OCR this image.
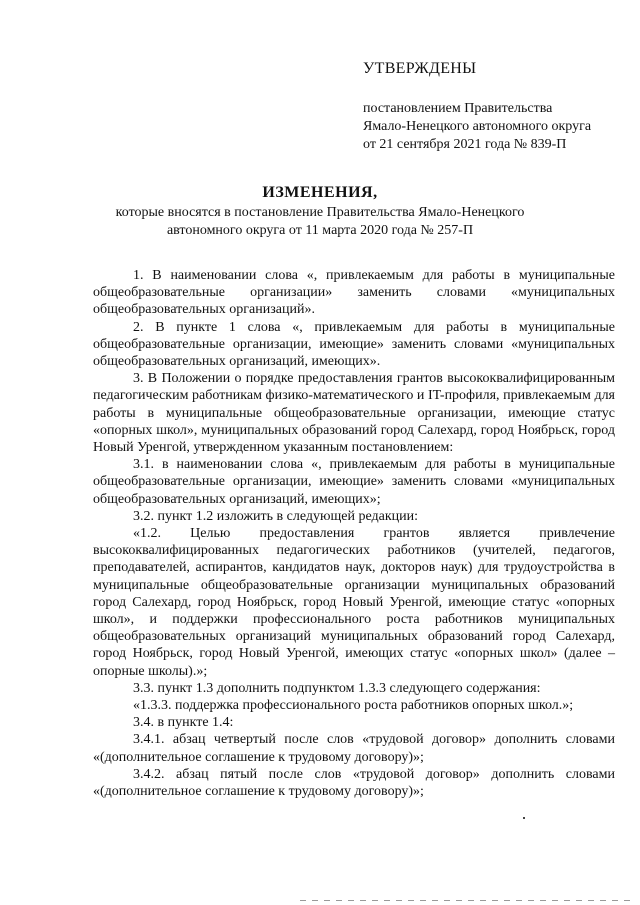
УТВЕРЖДЕНЫ
постановлением Правительства
Ямало-Ненецкого автономного округа
от 21 сентября 2021 года № 839-П
ИЗМЕНЕНИЯ,
которые вносятся в постановление Правительства Ямало-Ненецкого
автономного округа от 11 марта 2020 года № 257-П

1. В наименовании слова «, привлекаемым для работы в муниципальные общеобразовательные организации» заменить словами «муниципальных общеобразовательных организаций».

2. В пункте 1 слова «, привлекаемым для работы в муниципальные общеобразовательные организации, имеющие» заменить словами «муниципальных общеобразовательных организаций, имеющих».

3. В Положении о порядке предоставления грантов высококвалифицированным педагогическим работникам физико-математического и IT-профиля, привлекаемым для работы в муниципальные общеобразовательные организации, имеющие статус «опорных школ», муниципальных образований город Салехард, город Ноябрьск, город Новый Уренгой, утвержденном указанным постановлением:

3.1. в наименовании слова «, привлекаемым для работы в муниципальные общеобразовательные организации, имеющие» заменить словами «муниципальных общеобразовательных организаций, имеющих»;

3.2. пункт 1.2 изложить в следующей редакции:

«1.2. Целью предоставления грантов является привлечение высококвалифицированных педагогических работников (учителей, педагогов, преподавателей, аспирантов, кандидатов наук, докторов наук) для трудоустройства в муниципальные общеобразовательные организации муниципальных образований город Салехард, город Ноябрьск, город Новый Уренгой, имеющие статус «опорных школ», и поддержки профессионального роста работников муниципальных общеобразовательных организаций муниципальных образований город Салехард, город Ноябрьск, город Новый Уренгой, имеющих статус «опорных школ» (далее – опорные школы).»;

3.3. пункт 1.3 дополнить подпунктом 1.3.3 следующего содержания:

«1.3.3. поддержка профессионального роста работников опорных школ.»;

3.4. в пункте 1.4:

3.4.1. абзац четвертый после слов «трудовой договор» дополнить словами «(дополнительное соглашение к трудовому договору)»;

3.4.2. абзац пятый после слов «трудовой договор» дополнить словами «(дополнительное соглашение к трудовому договору)»;
